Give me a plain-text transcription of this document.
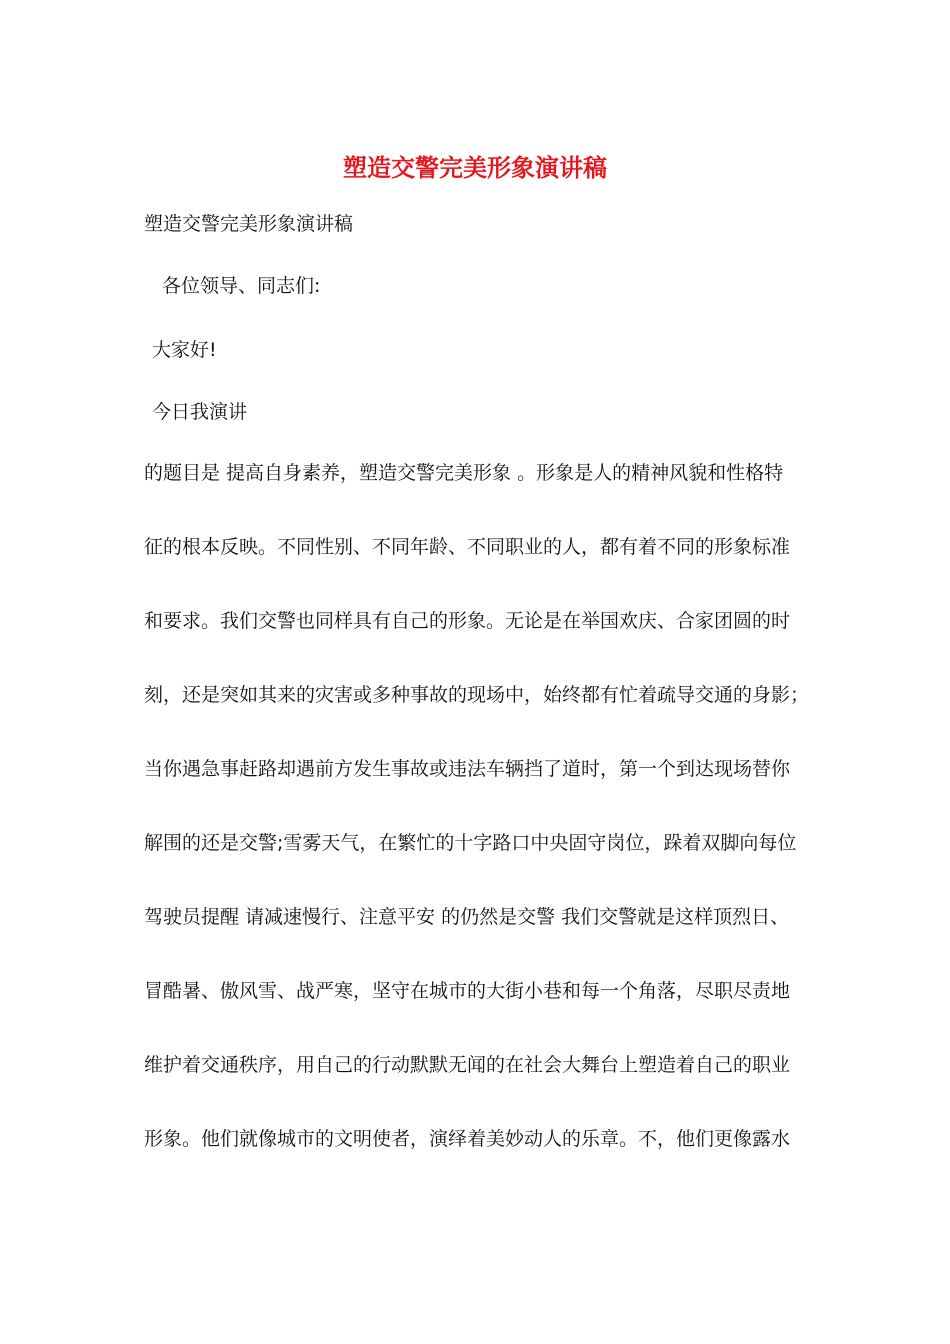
塑造交警完美形象演讲稿
塑造交警完美形象演讲稿
各位领导、同志们:
大家好!
今日我演讲
的题目是 提高自身素养，塑造交警完美形象 。形象是人的精神风貌和性格特
征的根本反映。不同性别、不同年龄、不同职业的人，都有着不同的形象标准
和要求。我们交警也同样具有自己的形象。无论是在举国欢庆、合家团圆的时
刻，还是突如其来的灾害或多种事故的现场中，始终都有忙着疏导交通的身影；
当你遇急事赶路却遇前方发生事故或违法车辆挡了道时，第一个到达现场替你
解围的还是交警;雪雾天气，在繁忙的十字路口中央固守岗位，跺着双脚向每位
驾驶员提醒 请减速慢行、注意平安 的仍然是交警 我们交警就是这样顶烈日、
冒酷暑、傲风雪、战严寒，坚守在城市的大街小巷和每一个角落，尽职尽责地
维护着交通秩序，用自己的行动默默无闻的在社会大舞台上塑造着自己的职业
形象。他们就像城市的文明使者，演绎着美妙动人的乐章。不，他们更像露水
